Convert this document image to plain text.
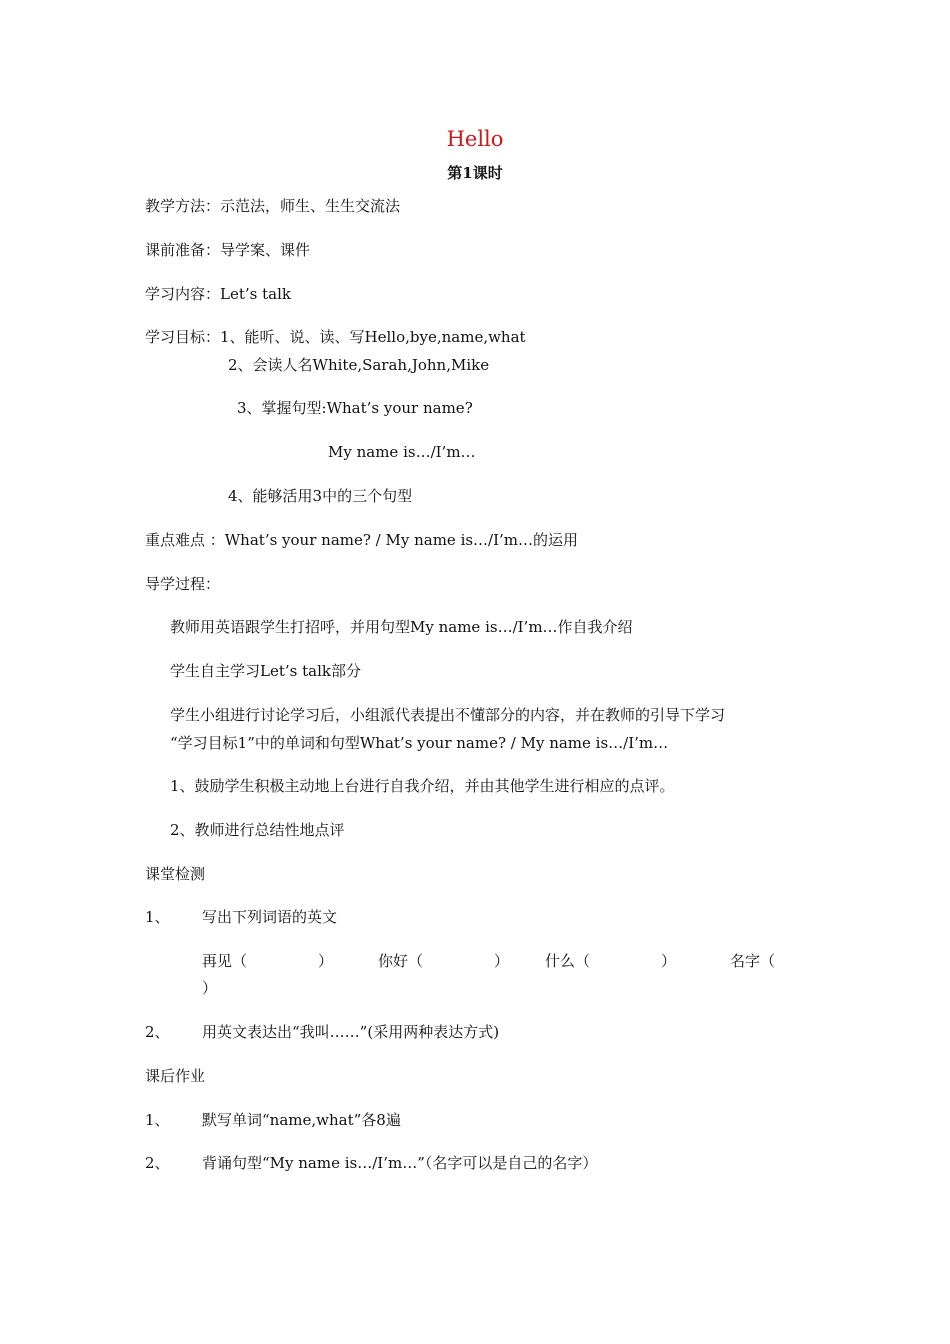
Hello
第1课时
教学方法：示范法，师生、生生交流法
课前准备：导学案、课件
学习内容：Let’s talk
学习目标：1、能听、说、读、写Hello,bye,name,what
2、会读人名White,Sarah,John,Mike
3、掌握句型:What’s your name?
My name is…/I’m…
4、能够活用3中的三个句型
重点难点 ：What’s your name? / My name is…/I’m…的运用
导学过程：
教师用英语跟学生打招呼，并用句型My name is…/I’m…作自我介绍
学生自主学习Let’s talk部分
学生小组进行讨论学习后，小组派代表提出不懂部分的内容，并在教师的引导下学习
“学习目标1”中的单词和句型What’s your name? / My name is…/I’m…
1、鼓励学生积极主动地上台进行自我介绍，并由其他学生进行相应的点评。
2、教师进行总结性地点评
课堂检测
1、 写出下列词语的英文
再见（	）	你好（	） 什么（	）	名字（
）
2、 用英文表达出“我叫……”(采用两种表达方式)
课后作业
1、 默写单词“name,what”各8遍
2、 背诵句型“My name is…/I’m…”（名字可以是自己的名字）
